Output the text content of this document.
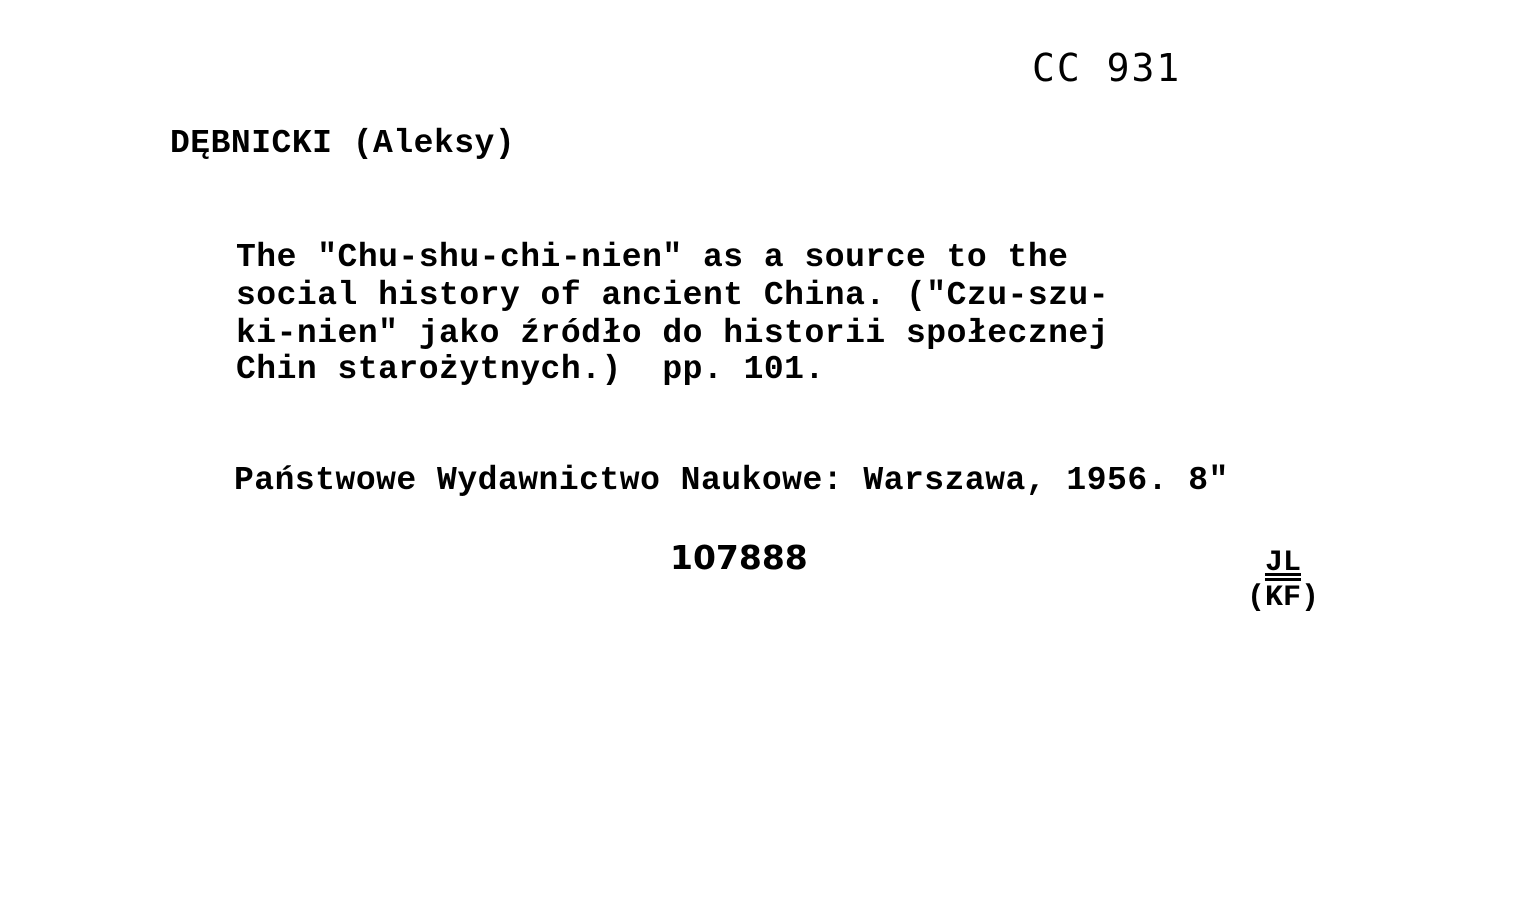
CC 931
DĘBNICKI (Aleksy)
The "Chu-shu-chi-nien" as a source to the
social history of ancient China. ("Czu-szu-
ki-nien" jako źródło do historii społecznej
Chin starożytnych.)  pp. 101.
Państwowe Wydawnictwo Naukowe: Warszawa, 1956. 8"
107888	JL
$(\overline{KF})$
